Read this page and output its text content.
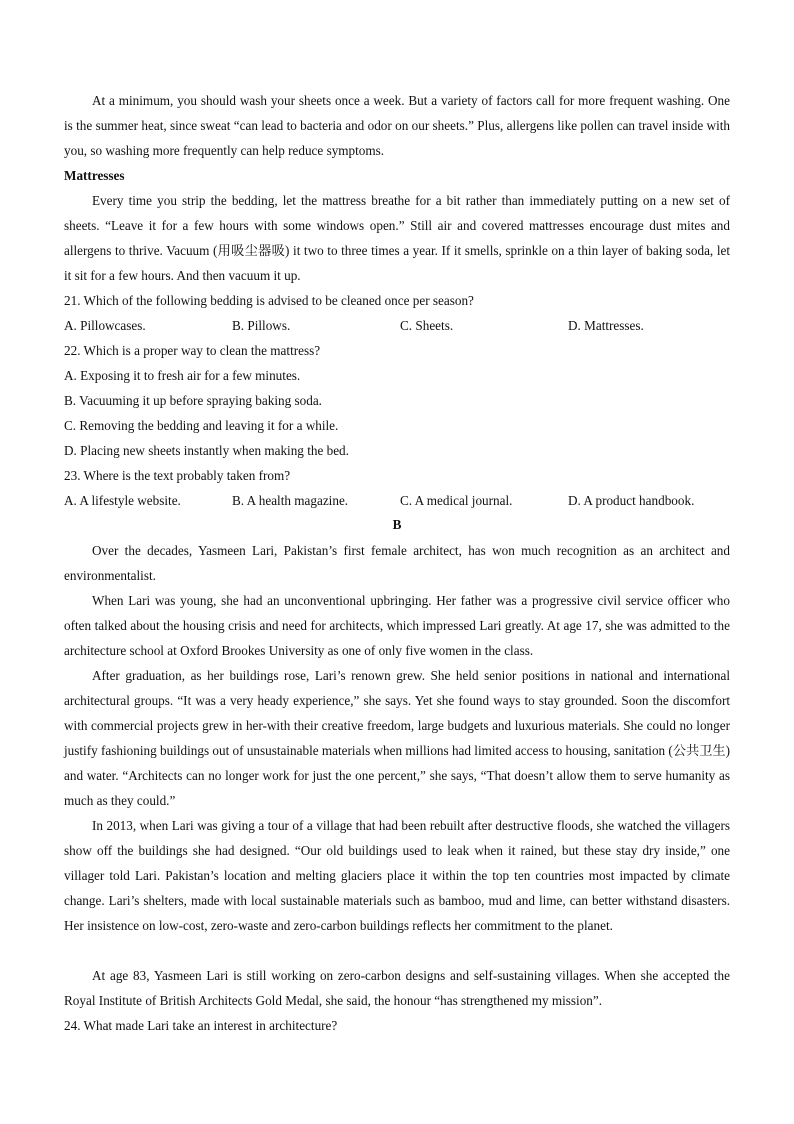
At a minimum, you should wash your sheets once a week. But a variety of factors call for more frequent washing. One is the summer heat, since sweat “can lead to bacteria and odor on our sheets.” Plus, allergens like pollen can travel inside with you, so washing more frequently can help reduce symptoms.

Mattresses

Every time you strip the bedding, let the mattress breathe for a bit rather than immediately putting on a new set of sheets. “Leave it for a few hours with some windows open.” Still air and covered mattresses encourage dust mites and allergens to thrive. Vacuum (用吸尘器吸) it two to three times a year. If it smells, sprinkle on a thin layer of baking soda, let it sit for a few hours. And then vacuum it up.

21. Which of the following bedding is advised to be cleaned once per season?
A. Pillowcases.	B. Pillows.	C. Sheets.	D. Mattresses.
22. Which is a proper way to clean the mattress?
A. Exposing it to fresh air for a few minutes.
B. Vacuuming it up before spraying baking soda.
C. Removing the bedding and leaving it for a while.
D. Placing new sheets instantly when making the bed.
23. Where is the text probably taken from?
A. A lifestyle website.	B. A health magazine.	C. A medical journal.	D. A product handbook.
B

Over the decades, Yasmeen Lari, Pakistan’s first female architect, has won much recognition as an architect and environmentalist.

When Lari was young, she had an unconventional upbringing. Her father was a progressive civil service officer who often talked about the housing crisis and need for architects, which impressed Lari greatly. At age 17, she was admitted to the architecture school at Oxford Brookes University as one of only five women in the class.

After graduation, as her buildings rose, Lari’s renown grew. She held senior positions in national and international architectural groups. “It was a very heady experience,” she says. Yet she found ways to stay grounded. Soon the discomfort with commercial projects grew in her-with their creative freedom, large budgets and luxurious materials. She could no longer justify fashioning buildings out of unsustainable materials when millions had limited access to housing, sanitation (公共卫生) and water. “Architects can no longer work for just the one percent,” she says, “That doesn’t allow them to serve humanity as much as they could.”

In 2013, when Lari was giving a tour of a village that had been rebuilt after destructive floods, she watched the villagers show off the buildings she had designed. “Our old buildings used to leak when it rained, but these stay dry inside,” one villager told Lari. Pakistan’s location and melting glaciers place it within the top ten countries most impacted by climate change. Lari’s shelters, made with local sustainable materials such as bamboo, mud and lime, can better withstand disasters. Her insistence on low-cost, zero-waste and zero-carbon buildings reflects her commitment to the planet.

At age 83, Yasmeen Lari is still working on zero-carbon designs and self-sustaining villages. When she accepted the Royal Institute of British Architects Gold Medal, she said, the honour “has strengthened my mission”.

24. What made Lari take an interest in architecture?
